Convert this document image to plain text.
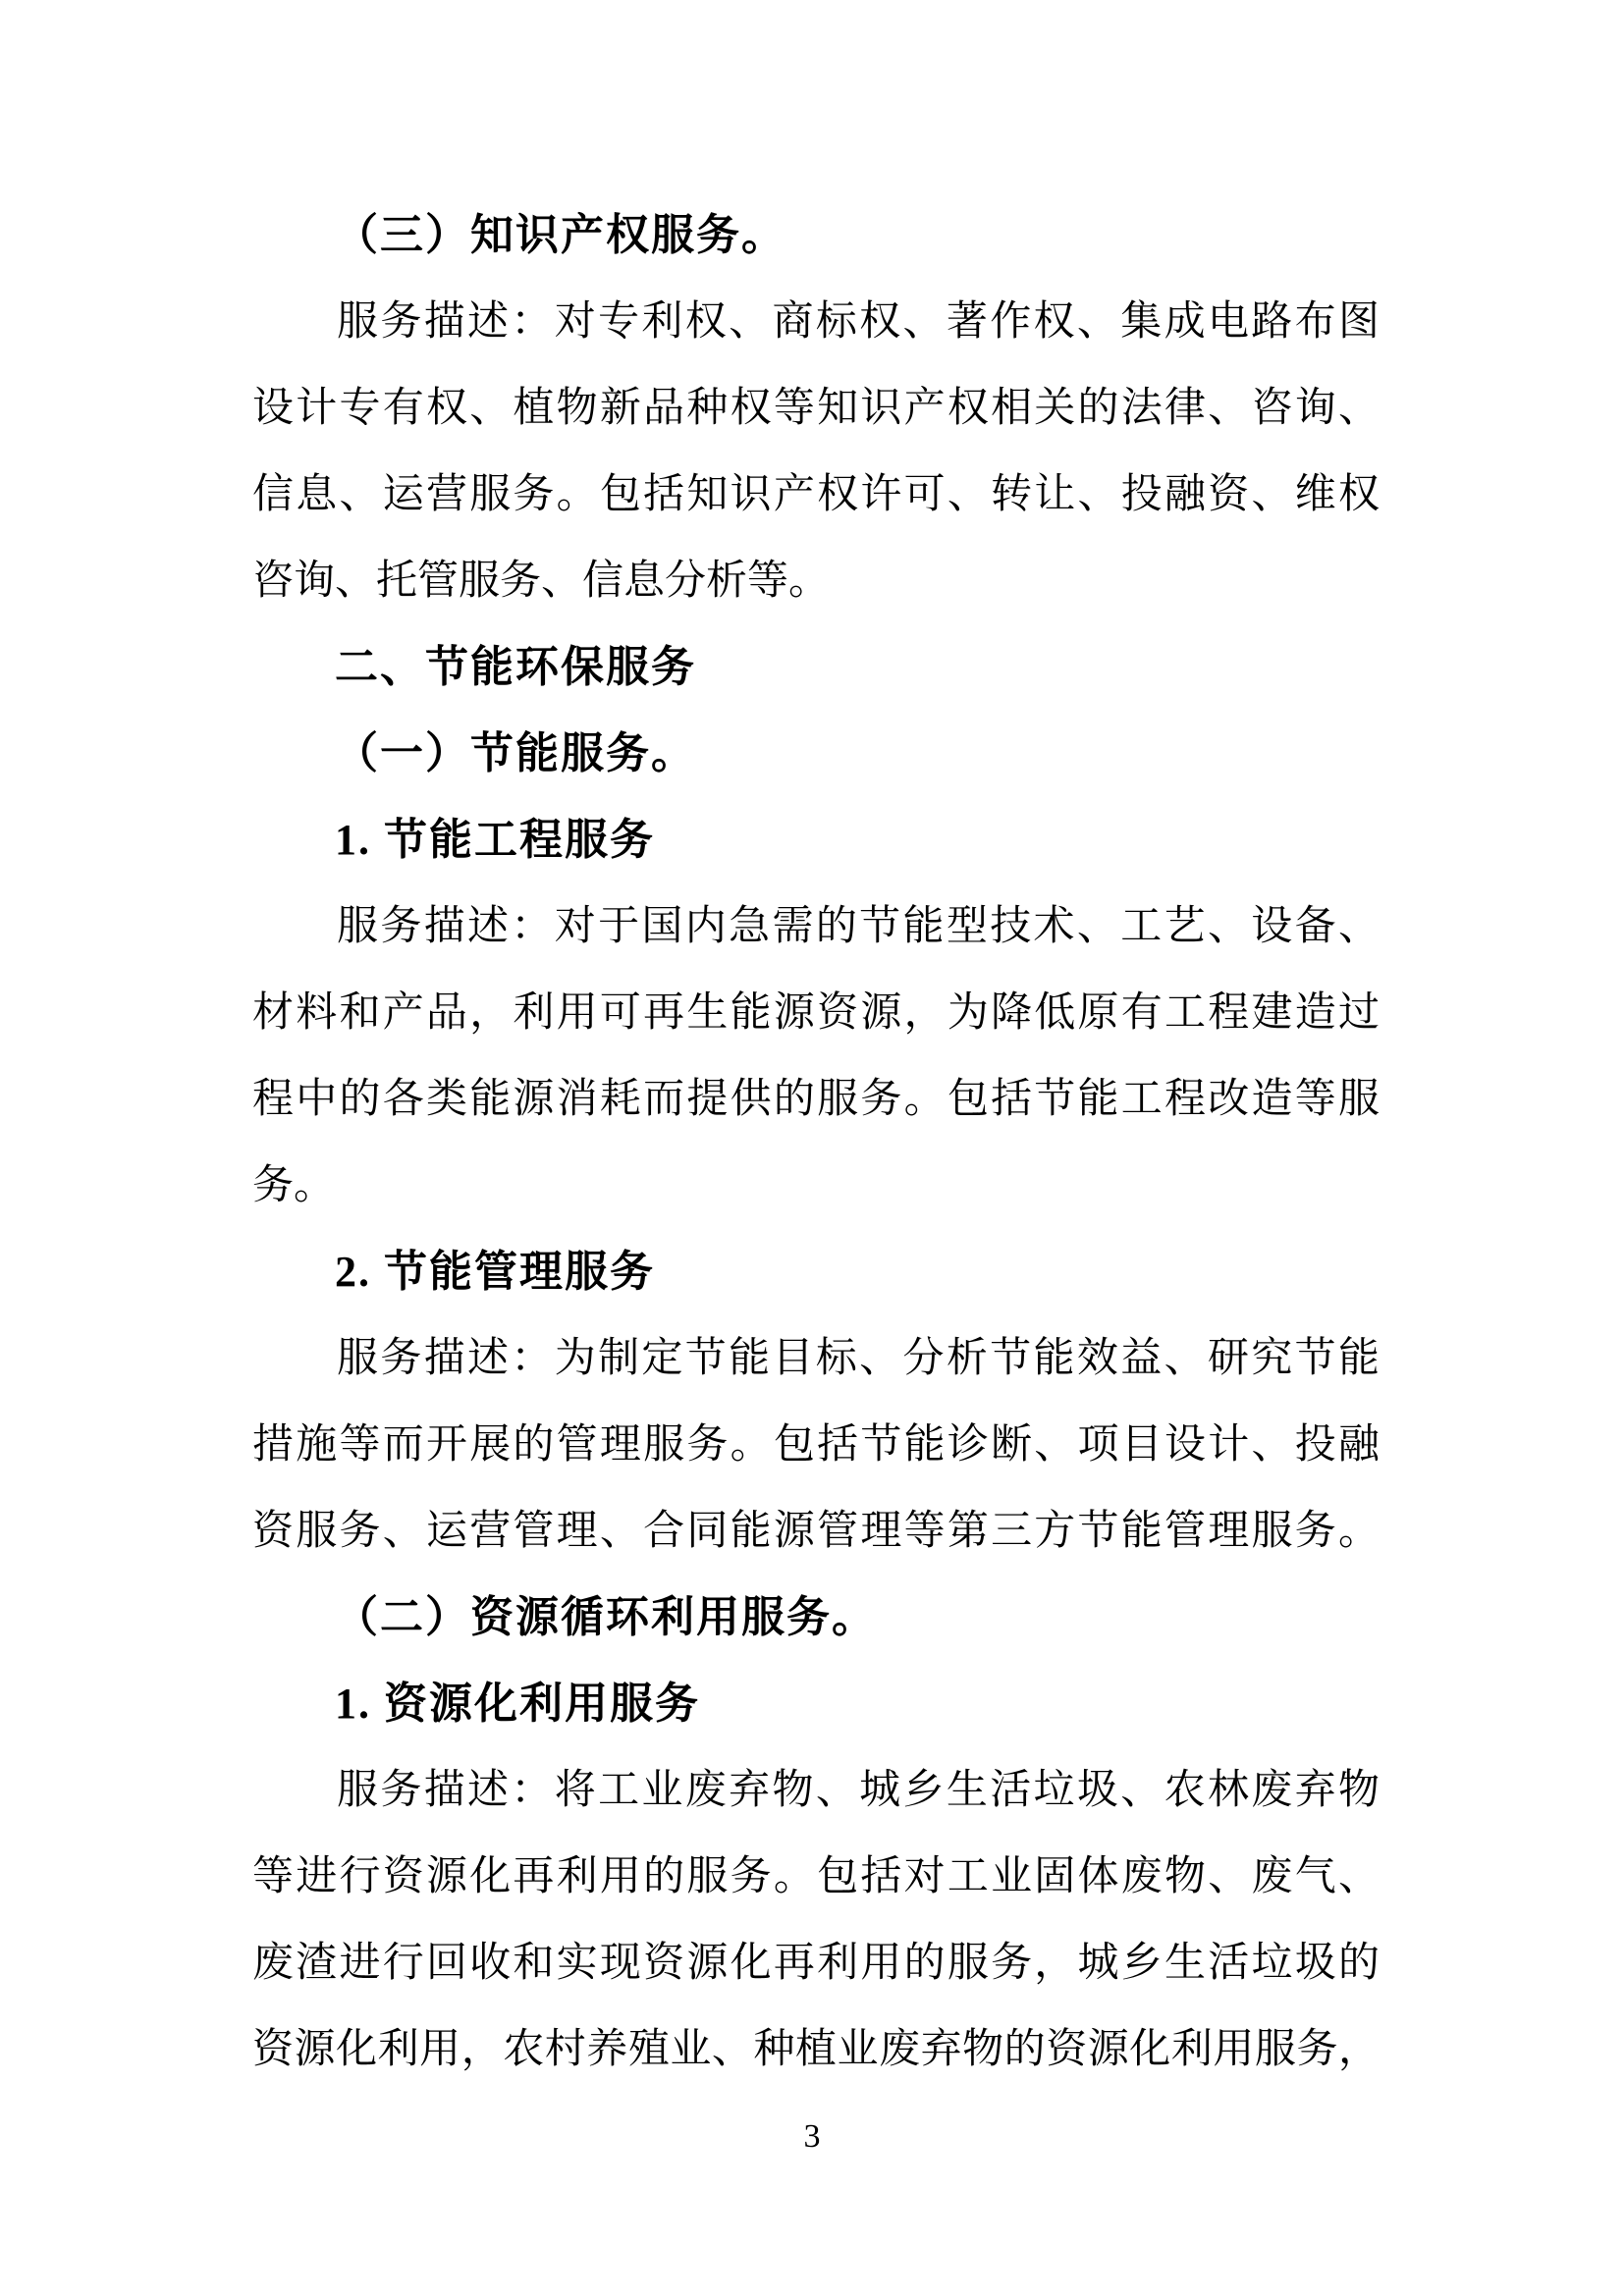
（三）知识产权服务。
服务描述：对专利权、商标权、著作权、集成电路布图
设计专有权、植物新品种权等知识产权相关的法律、咨询、
信息、运营服务。包括知识产权许可、转让、投融资、维权
咨询、托管服务、信息分析等。
二、节能环保服务
（一）节能服务。
1. 节能工程服务
服务描述：对于国内急需的节能型技术、工艺、设备、
材料和产品，利用可再生能源资源，为降低原有工程建造过
程中的各类能源消耗而提供的服务。包括节能工程改造等服
务。
2. 节能管理服务
服务描述：为制定节能目标、分析节能效益、研究节能
措施等而开展的管理服务。包括节能诊断、项目设计、投融
资服务、运营管理、合同能源管理等第三方节能管理服务。
（二）资源循环利用服务。
1. 资源化利用服务
服务描述：将工业废弃物、城乡生活垃圾、农林废弃物
等进行资源化再利用的服务。包括对工业固体废物、废气、
废渣进行回收和实现资源化再利用的服务，城乡生活垃圾的
资源化利用，农村养殖业、种植业废弃物的资源化利用服务，
3
